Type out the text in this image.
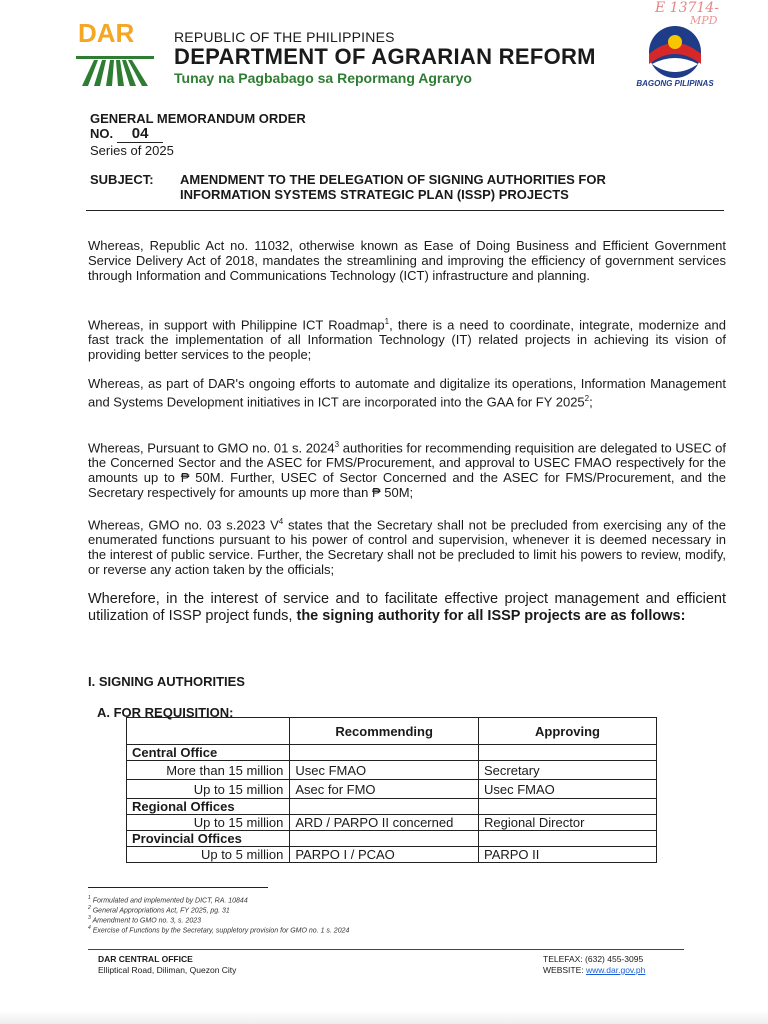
DAR	REPUBLIC OF THE PHILIPPINES
DEPARTMENT OF AGRARIAN REFORM
Tunay na Pagbabago sa Repormang Agraryo	BAGONG PILIPINAS
E 13714-
MPD
GENERAL MEMORANDUM ORDER
NO. 04
Series of 2025
SUBJECT: AMENDMENT TO THE DELEGATION OF SIGNING AUTHORITIES FOR
INFORMATION SYSTEMS STRATEGIC PLAN (ISSP) PROJECTS
Whereas, Republic Act no. 11032, otherwise known as Ease of Doing Business and Efficient Government Service Delivery Act of 2018, mandates the streamlining and improving the efficiency of government services through Information and Communications Technology (ICT) infrastructure and planning.
Whereas, in support with Philippine ICT Roadmap$^1$, there is a need to coordinate, integrate, modernize and fast track the implementation of all Information Technology (IT) related projects in achieving its vision of providing better services to the people;
Whereas, as part of DAR's ongoing efforts to automate and digitalize its operations, Information Management and Systems Development initiatives in ICT are incorporated into the GAA for FY 2025$^2$;
Whereas, Pursuant to GMO no. 01 s. 2024$^3$ authorities for recommending requisition are delegated to USEC of the Concerned Sector and the ASEC for FMS/Procurement, and approval to USEC FMAO respectively for the amounts up to ₱ 50M. Further, USEC of Sector Concerned and the ASEC for FMS/Procurement, and the Secretary respectively for amounts up more than ₱ 50M;
Whereas, GMO no. 03 s.2023 $V^4$ states that the Secretary shall not be precluded from exercising any of the enumerated functions pursuant to his power of control and supervision, whenever it is deemed necessary in the interest of public service. Further, the Secretary shall not be precluded to limit his powers to review, modify, or reverse any action taken by the officials;
Wherefore, in the interest of service and to facilitate effective project management and efficient utilization of ISSP project funds, the signing authority for all ISSP projects are as follows:
I. SIGNING AUTHORITIES
A. FOR REQUISITION:
	Recommending	Approving
Central Office		
More than 15 million	Usec FMAO	Secretary
Up to 15 million	Asec for FMO	Usec FMAO
Regional Offices		
Up to 15 million	ARD / PARPO II concerned	Regional Director
Provincial Offices		
Up to 5 million	PARPO I / PCAO	PARPO II
$^1$ Formulated and implemented by DICT, RA. 10844
$^2$ General Appropriations Act, FY 2025, pg. 31
$^3$ Amendment to GMO no. 3, s. 2023
$^4$ Exercise of Functions by the Secretary, suppletory provision for GMO no. 1 s. 2024
DAR CENTRAL OFFICE
Elliptical Road, Diliman, Quezon City
TELEFAX: (632) 455-3095
WEBSITE: www.dar.gov.ph
